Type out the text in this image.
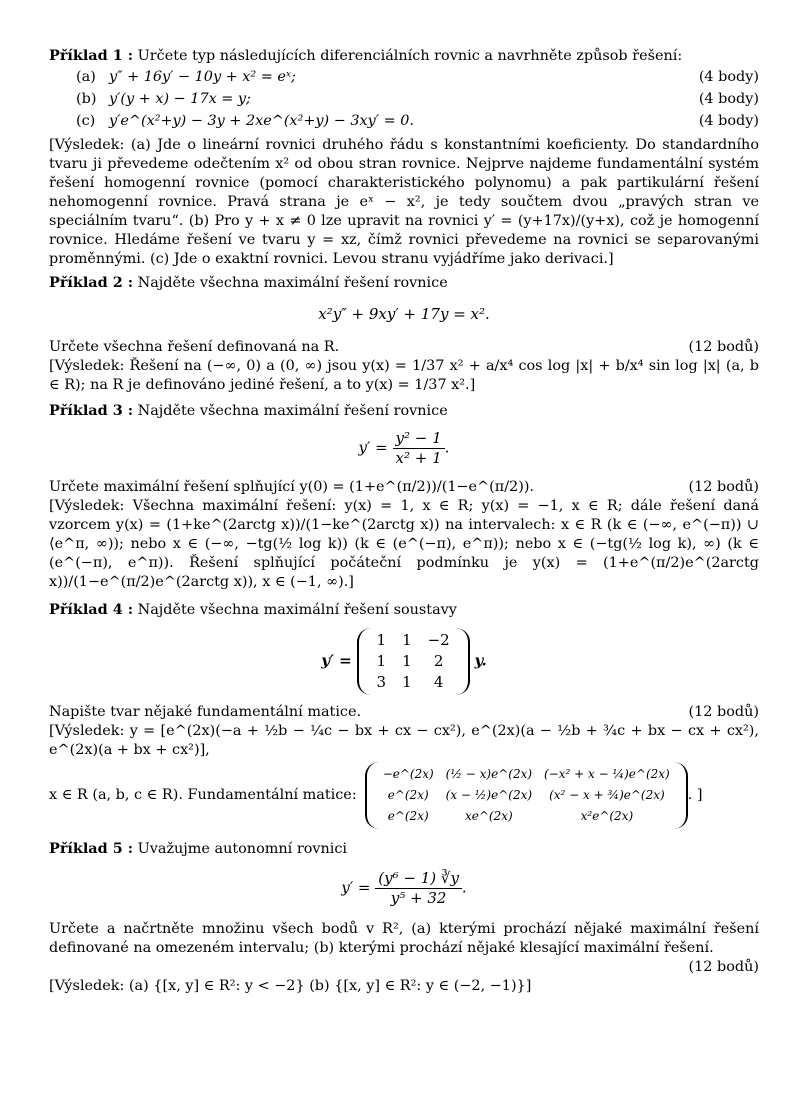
Příklad 1 : Určete typ následujících diferenciálních rovnic a navrhněte způsob řešení:
(a) y″ + 16y′ − 10y + x² = eˣ;	(4 body)
(b) y′(y + x) − 17x = y;	(4 body)
(c) y′e^(x²+y) − 3y + 2xe^(x²+y) − 3xy′ = 0.	(4 body)
[Výsledek: (a) Jde o lineární rovnici druhého řádu s konstantními koeficienty. Do standardního tvaru ji převedeme odečtením x² od obou stran rovnice. Nejprve najdeme fundamentální systém řešení homogenní rovnice (pomocí charakteristického polynomu) a pak partikulární řešení nehomogenní rovnice. Pravá strana je eˣ − x², je tedy součtem dvou „pravých stran ve speciálním tvaru“. (b) Pro y + x ≠ 0 lze upravit na rovnici y′ = (y+17x)/(y+x), což je homogenní rovnice. Hledáme řešení ve tvaru y = xz, čímž rovnici převedeme na rovnici se separovanými proměnnými. (c) Jde o exaktní rovnici. Levou stranu vyjádříme jako derivaci.]
Příklad 2 : Najděte všechna maximální řešení rovnice
x²y″ + 9xy′ + 17y = x².
Určete všechna řešení definovaná na R.	(12 bodů)
[Výsledek: Řešení na (−∞, 0) a (0, ∞) jsou y(x) = 1/37 x² + a/x⁴ cos log |x| + b/x⁴ sin log |x| (a, b ∈ R); na R je definováno jediné řešení, a to y(x) = 1/37 x².]
Příklad 3 : Najděte všechna maximální řešení rovnice
$y' = \frac{\text{y² − 1}}{\text{x² + 1}}$ .
Určete maximální řešení splňující y(0) = (1+e^(π/2))/(1−e^(π/2)).	(12 bodů)
[Výsledek: Všechna maximální řešení: y(x) = 1, x ∈ R; y(x) = −1, x ∈ R; dále řešení daná vzorcem y(x) = (1+ke^(2arctg x))/(1−ke^(2arctg x)) na intervalech: x ∈ R (k ∈ (−∞, e^(−π)) ∪ ⟨e^π, ∞)); nebo x ∈ (−∞, −tg(½ log k)) (k ∈ (e^(−π), e^π)); nebo x ∈ (−tg(½ log k), ∞) (k ∈ (e^(−π), e^π)). Řešení splňující počáteční podmínku je y(x) = (1+e^(π/2)e^(2arctg x))/(1−e^(π/2)e^(2arctg x)), x ∈ (−1, ∞).]
Příklad 4 : Najděte všechna maximální řešení soustavy
y′ =
1	1	−2
1	1	2
3	1	4
y.
Napište tvar nějaké fundamentální matice.	(12 bodů)
[Výsledek: y = [e^(2x)(−a + ½b − ¼c − bx + cx − cx²), e^(2x)(a − ½b + ¾c + bx − cx + cx²), e^(2x)(a + bx + cx²)],
x ∈ R (a, b, c ∈ R). Fundamentální matice:
−e^(2x)	(½ − x)e^(2x)	(−x² + x − ¼)e^(2x)
e^(2x)	(x − ½)e^(2x)	(x² − x + ¾)e^(2x)
e^(2x)	xe^(2x)	x²e^(2x)
. ]
Příklad 5 : Uvažujme autonomní rovnici
$y' = \frac{\text{(y⁶ − 1) ∛y}}{\text{y⁵ + 32}}$ .
Určete a načrtněte množinu všech bodů v R², (a) kterými prochází nějaké maximální řešení definované na omezeném intervalu; (b) kterými prochází nějaké klesající maximální řešení.
(12 bodů)
[Výsledek: (a) {[x, y] ∈ R²: y < −2} (b) {[x, y] ∈ R²: y ∈ (−2, −1)}]
